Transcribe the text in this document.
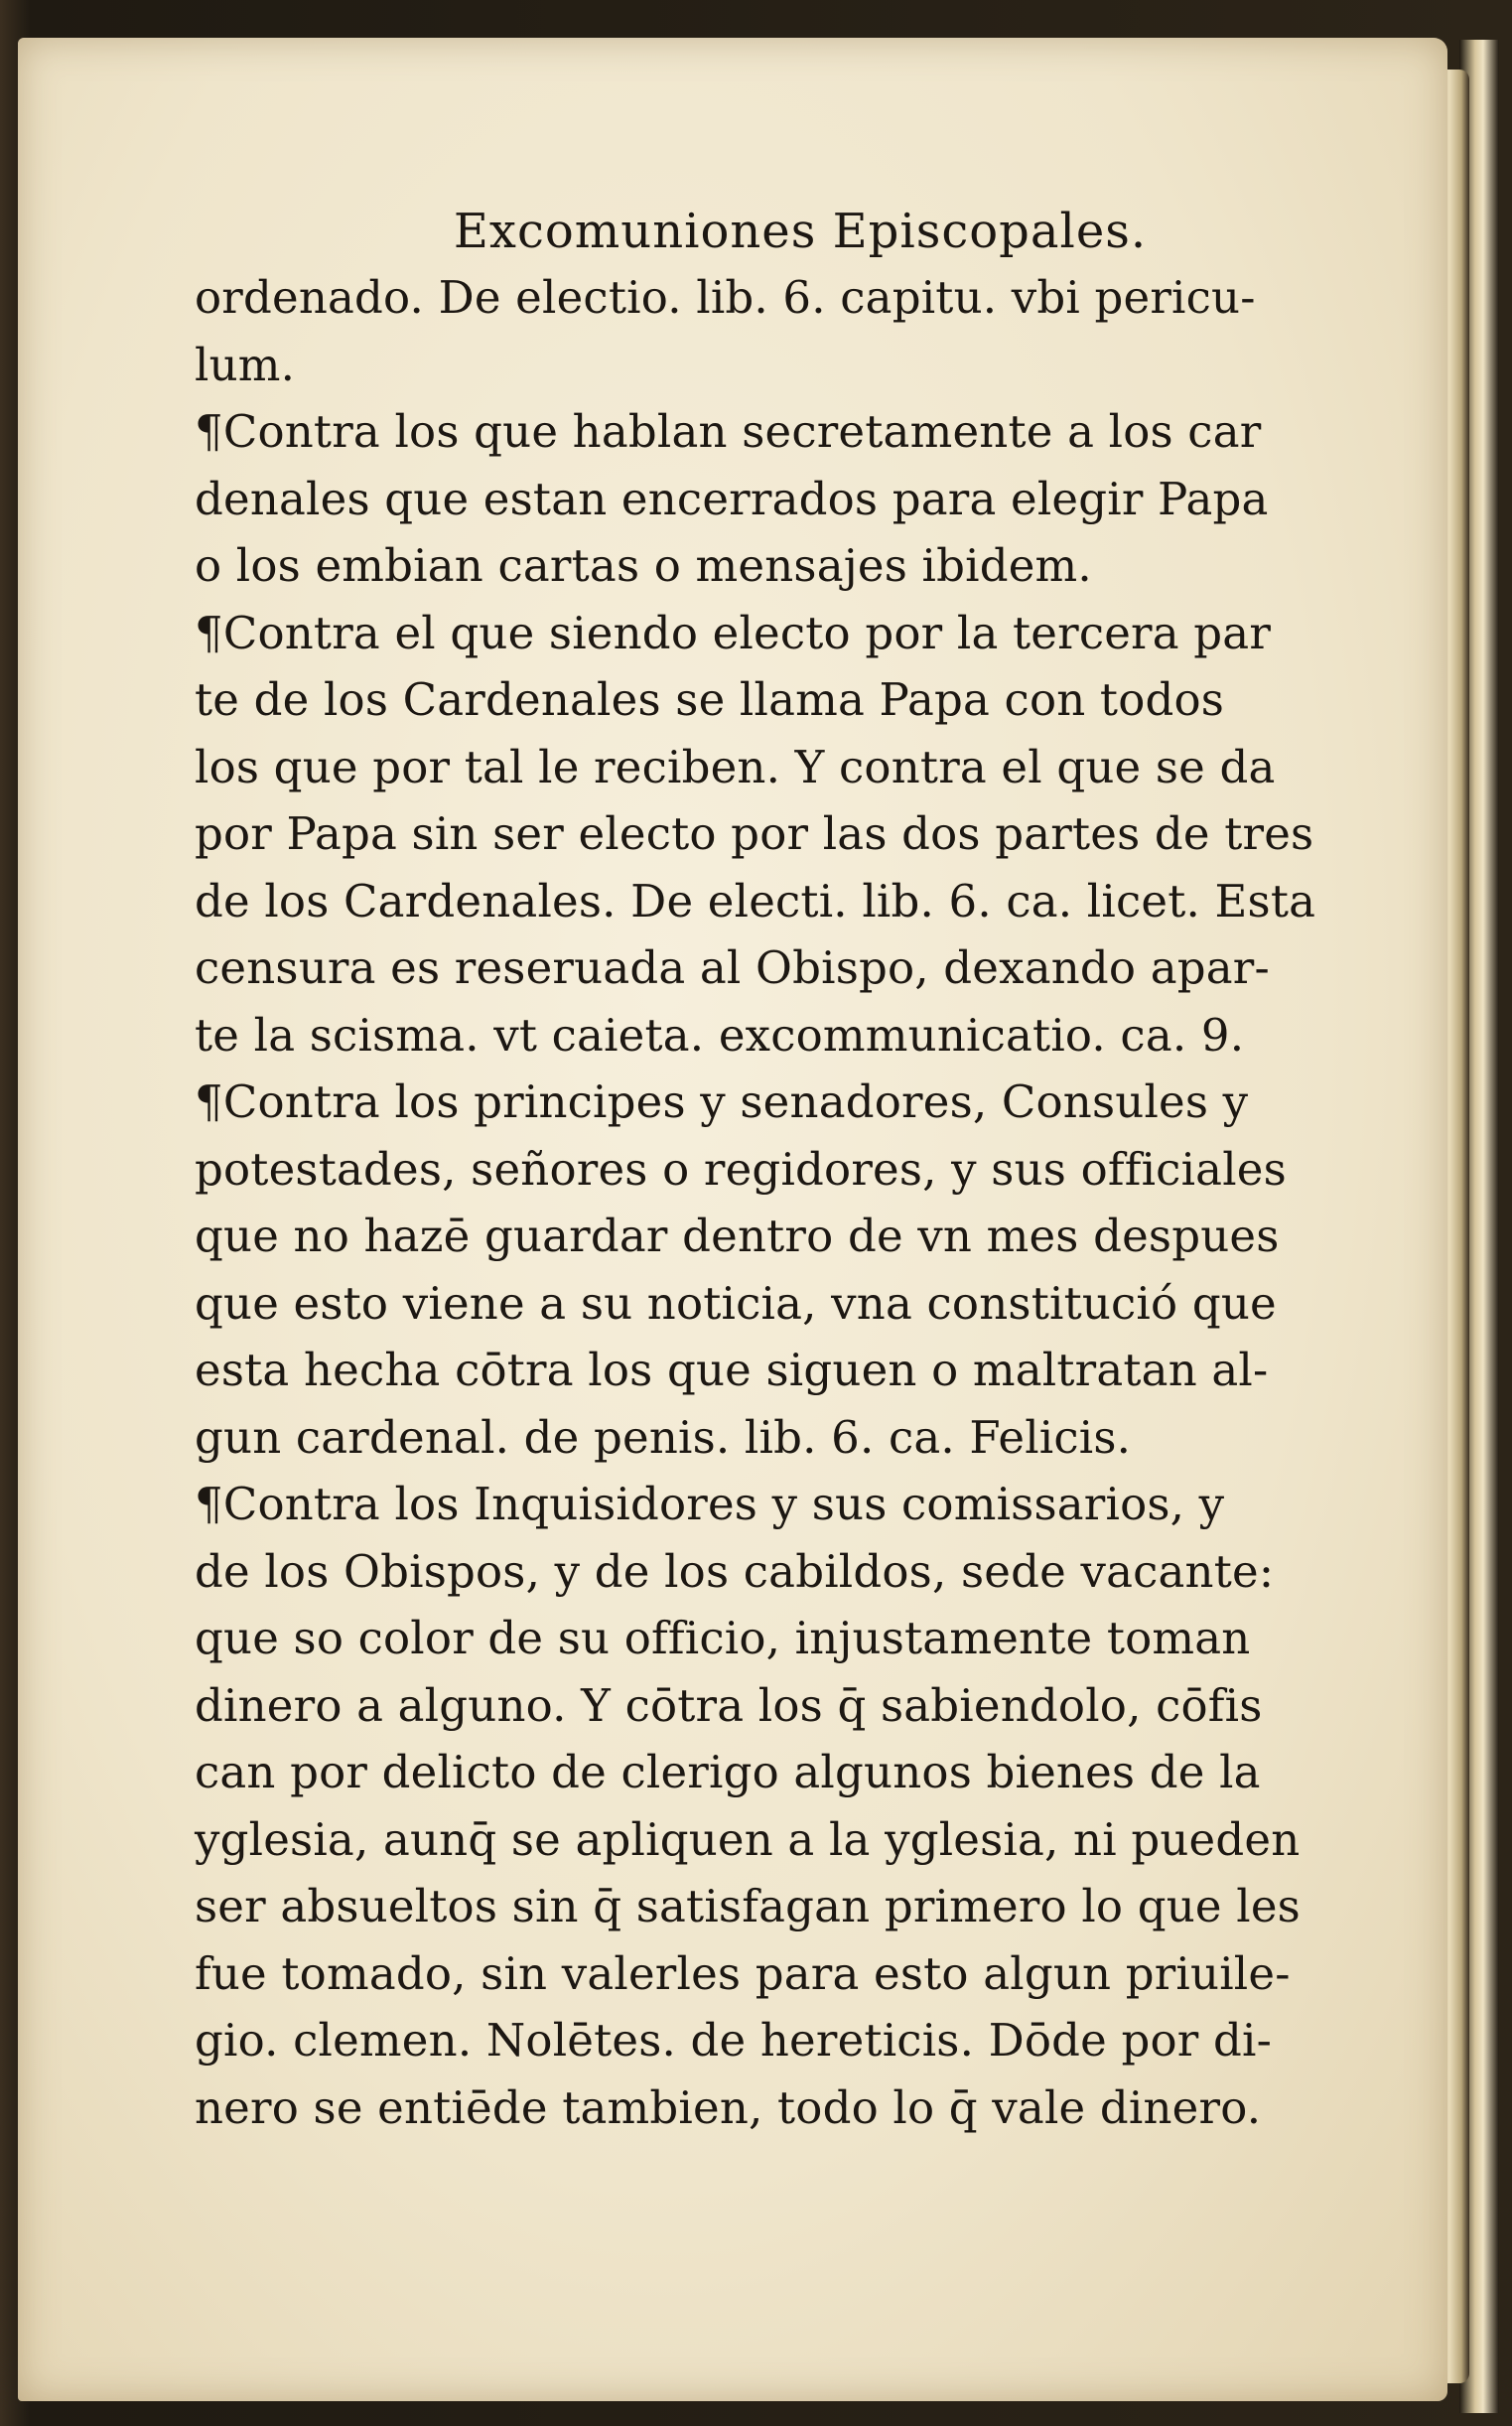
Excomuniones Episcopales.
ordenado. De electio. lib. 6. capitu. vbi pericu-
lum.
¶Contra los que hablan secretamente a los car
denales que estan encerrados para elegir Papa
o los embian cartas o mensajes ibidem.
¶Contra el que siendo electo por la tercera par
te de los Cardenales se llama Papa con todos
los que por tal le reciben. Y contra el que se da
por Papa sin ser electo por las dos partes de tres
de los Cardenales. De electi. lib. 6. ca. licet. Esta
censura es reseruada al Obispo, dexando apar-
te la scisma. vt caieta. excommunicatio. ca. 9.
¶Contra los principes y senadores, Consules y
potestades, señores o regidores, y sus officiales
que no hazē guardar dentro de vn mes despues
que esto viene a su noticia, vna constitució que
esta hecha cōtra los que siguen o maltratan al-
gun cardenal. de penis. lib. 6. ca. Felicis.
¶Contra los Inquisidores y sus comissarios, y
de los Obispos, y de los cabildos, sede vacante:
que so color de su officio, injustamente toman
dinero a alguno. Y cōtra los q̄ sabiendolo, cōfis
can por delicto de clerigo algunos bienes de la
yglesia, aunq̄ se apliquen a la yglesia, ni pueden
ser absueltos sin q̄ satisfagan primero lo que les
fue tomado, sin valerles para esto algun priuile-
gio. clemen. Nolētes. de hereticis. Dōde por di-
nero se entiēde tambien, todo lo q̄ vale dinero.
